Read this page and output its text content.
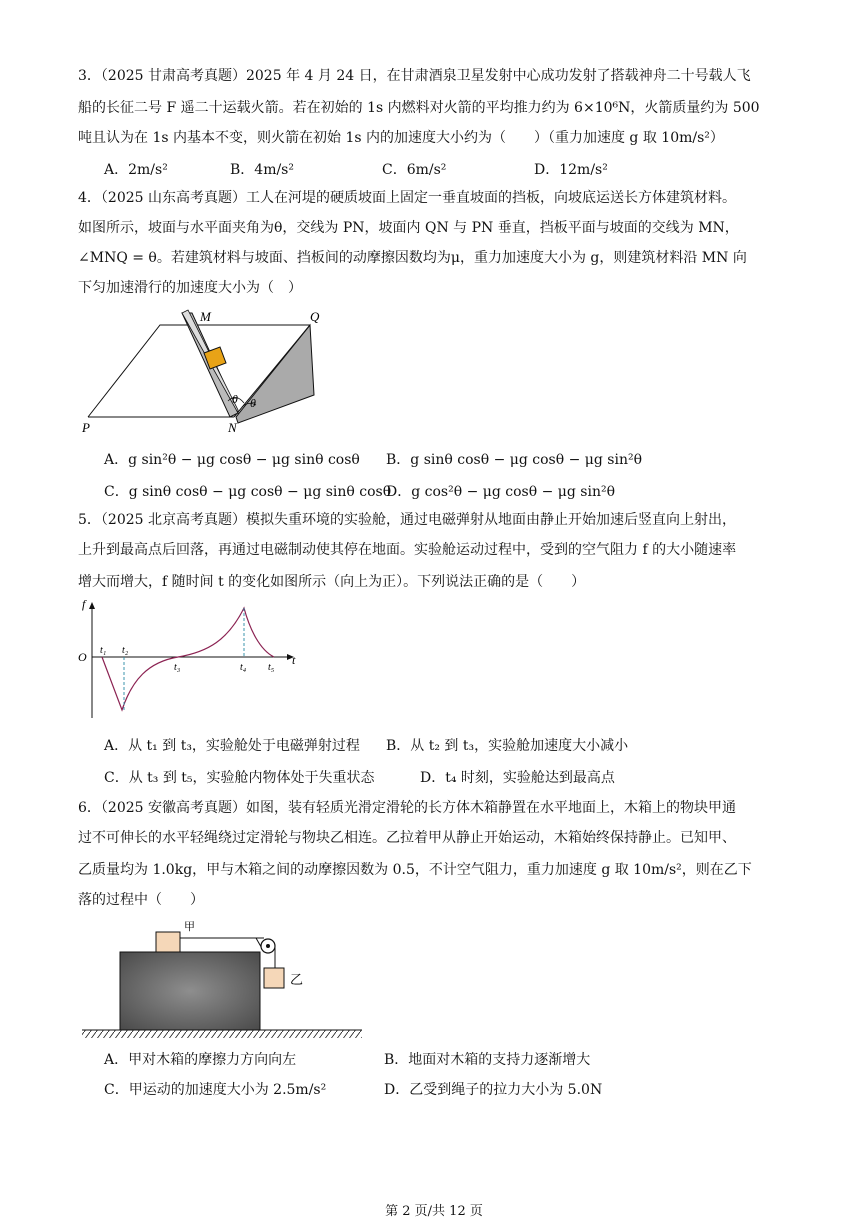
3．（2025 甘肃高考真题）2025 年 4 月 24 日，在甘肃酒泉卫星发射中心成功发射了搭载神舟二十号载人飞
船的长征二号 F 遥二十运载火箭。若在初始的 1s 内燃料对火箭的平均推力约为 6×10⁶N，火箭质量约为 500
吨且认为在 1s 内基本不变，则火箭在初始 1s 内的加速度大小约为（　　）（重力加速度 g 取 10m/s²）
A．2m/s²	B．4m/s²	C．6m/s²	D．12m/s²
4．（2025 山东高考真题）工人在河堤的硬质坡面上固定一垂直坡面的挡板，向坡底运送长方体建筑材料。
如图所示，坡面与水平面夹角为θ，交线为 PN，坡面内 QN 与 PN 垂直，挡板平面与坡面的交线为 MN，
∠MNQ = θ。若建筑材料与坡面、挡板间的动摩擦因数均为μ，重力加速度大小为 g，则建筑材料沿 MN 向
下匀加速滑行的加速度大小为（　）
M	Q
P	N
θ θ
A．g sin²θ − μg cosθ − μg sinθ cosθ B．g sinθ cosθ − μg cosθ − μg sin²θ
C．g sinθ cosθ − μg cosθ − μg sinθ cosθ
D．g cos²θ − μg cosθ − μg sin²θ
5．（2025 北京高考真题）模拟失重环境的实验舱，通过电磁弹射从地面由静止开始加速后竖直向上射出，
上升到最高点后回落，再通过电磁制动使其停在地面。实验舱运动过程中，受到的空气阻力 f 的大小随速率
增大而增大，f 随时间 t 的变化如图所示（向上为正）。下列说法正确的是（　　）
f
O	t
t₁ t₂
t₃	t₄ t₅
A．从 t₁ 到 t₃，实验舱处于电磁弹射过程 B．从 t₂ 到 t₃，实验舱加速度大小减小
C．从 t₃ 到 t₅，实验舱内物体处于失重状态	D．t₄ 时刻，实验舱达到最高点
6．（2025 安徽高考真题）如图，装有轻质光滑定滑轮的长方体木箱静置在水平地面上，木箱上的物块甲通
过不可伸长的水平轻绳绕过定滑轮与物块乙相连。乙拉着甲从静止开始运动，木箱始终保持静止。已知甲、
乙质量均为 1.0kg，甲与木箱之间的动摩擦因数为 0.5，不计空气阻力，重力加速度 g 取 10m/s²，则在乙下
落的过程中（　　）
甲
乙
A．甲对木箱的摩擦力方向向左	B．地面对木箱的支持力逐渐增大
C．甲运动的加速度大小为 2.5m/s²	D．乙受到绳子的拉力大小为 5.0N
第 2 页/共 12 页
